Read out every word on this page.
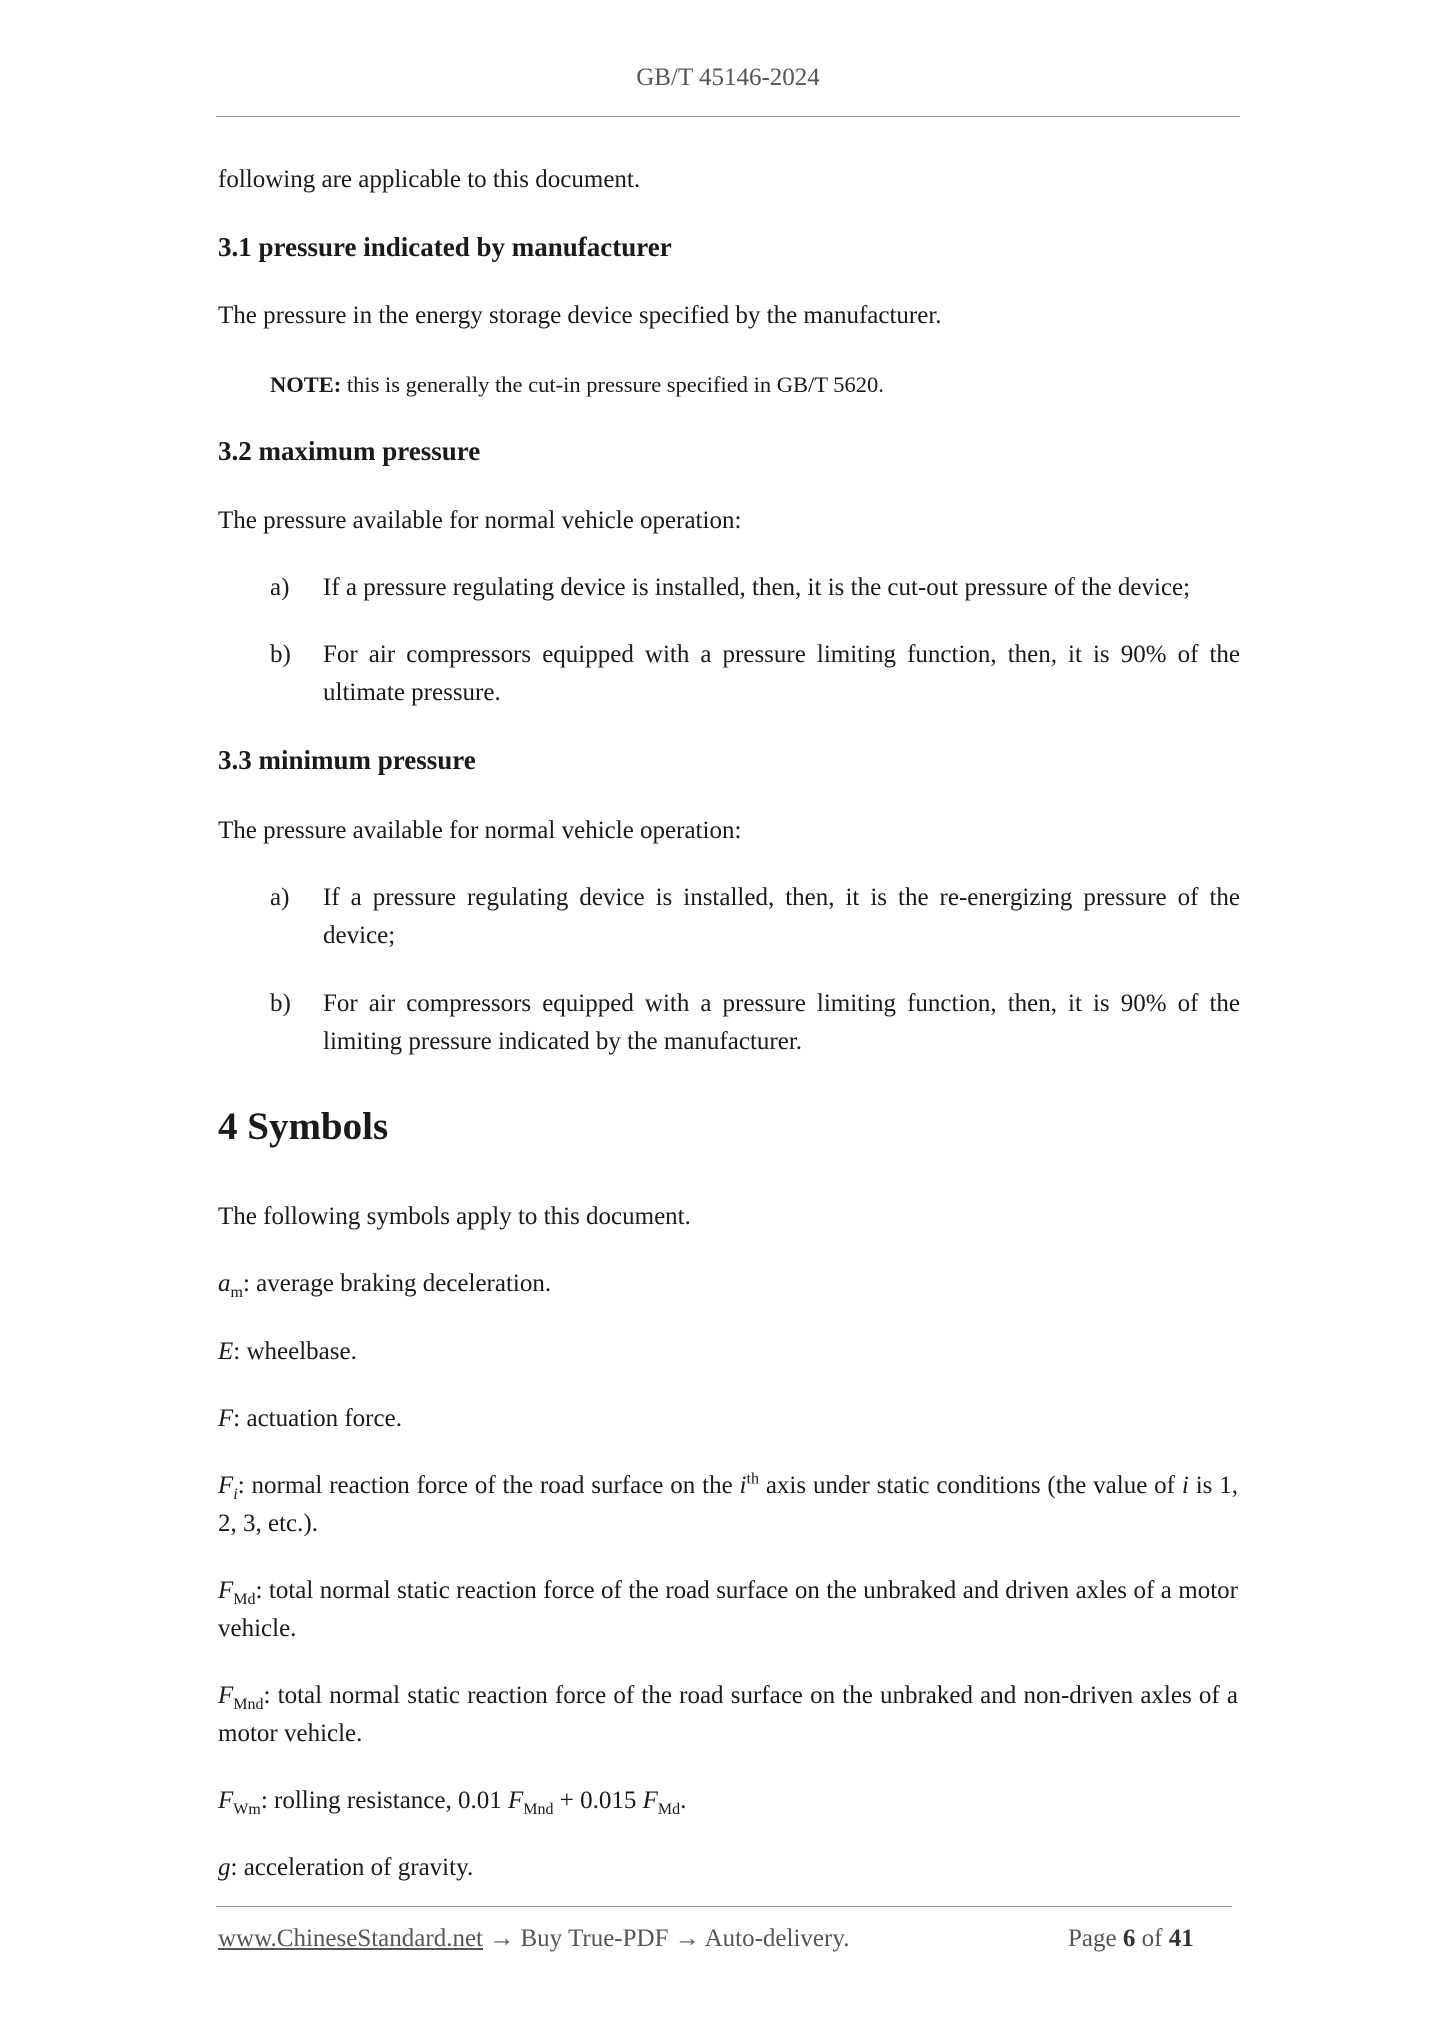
GB/T 45146-2024

following are applicable to this document.

3.1 pressure indicated by manufacturer

The pressure in the energy storage device specified by the manufacturer.

NOTE: this is generally the cut-in pressure specified in GB/T 5620.

3.2 maximum pressure

The pressure available for normal vehicle operation:

a) If a pressure regulating device is installed, then, it is the cut-out pressure of the device;
b) For air compressors equipped with a pressure limiting function, then, it is 90% of the ultimate pressure.
3.3 minimum pressure

The pressure available for normal vehicle operation:

a) If a pressure regulating device is installed, then, it is the re-energizing pressure of the device;
b) For air compressors equipped with a pressure limiting function, then, it is 90% of the limiting pressure indicated by the manufacturer.
4 Symbols

The following symbols apply to this document.

$a_m$: average braking deceleration.

E: wheelbase.

F: actuation force.

$F_i$: normal reaction force of the road surface on the $i^{th}$ axis under static conditions (the value of i is 1, 2, 3, etc.).

$F_{Md}$: total normal static reaction force of the road surface on the unbraked and driven axles of a motor vehicle.

$F_{Mnd}$: total normal static reaction force of the road surface on the unbraked and non-driven axles of a motor vehicle.

$F_{Wm}$: rolling resistance, 0.01 $F_{Mnd} + 0.015$ $F_{Md}$.

g: acceleration of gravity.

www.ChineseStandard.net → Buy True-PDF → Auto-delivery.	Page 6 of 41
